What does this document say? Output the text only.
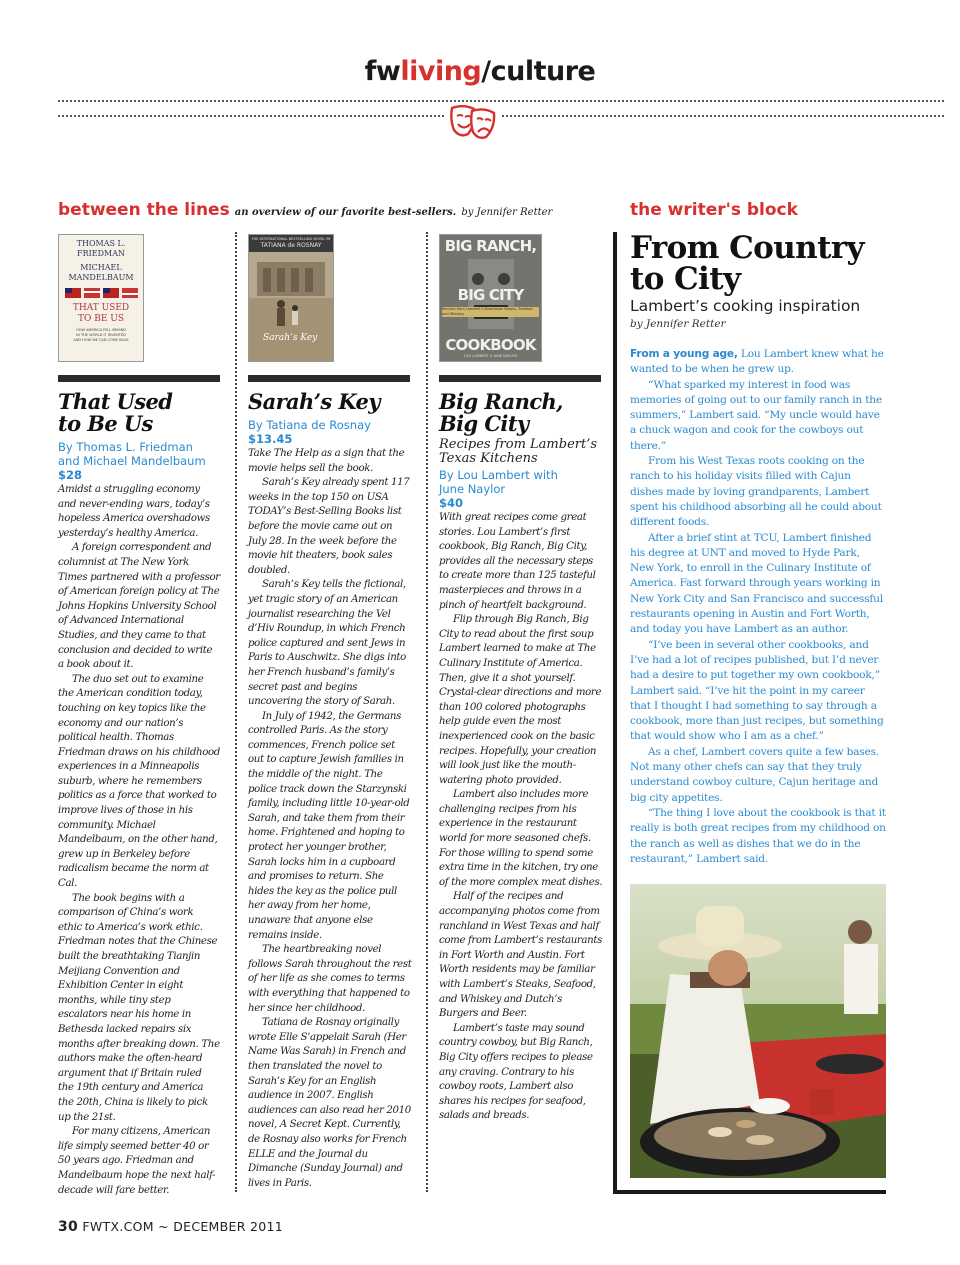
fwliving/culture
between the lines an overview of our favorite best-sellers. by Jennifer Retter
THOMAS L.
FRIEDMAN
MICHAEL
MANDELBAUM
THAT USED
TO BE US
HOW AMERICA FELL BEHIND
IN THE WORLD IT INVENTED
AND HOW WE CAN COME BACK
That Used
to Be Us
By Thomas L. Friedman
and Michael Mandelbaum
$28

Amidst a struggling economy and never-ending wars, today’s hopeless America overshadows yesterday’s healthy America.

A foreign correspondent and columnist at The New York Times partnered with a professor of American foreign policy at The Johns Hopkins University School of Advanced International Studies, and they came to that conclusion and decided to write a book about it.

The duo set out to examine the American condition today, touching on key topics like the economy and our nation’s political health. Thomas Friedman draws on his childhood experiences in a Minneapolis suburb, where he remembers politics as a force that worked to improve lives of those in his community. Michael Mandelbaum, on the other hand, grew up in Berkeley before radicalism became the norm at Cal.

The book begins with a comparison of China’s work ethic to America’s work ethic. Friedman notes that the Chinese built the breathtaking Tianjin Meijiang Convention and Exhibition Center in eight months, while tiny step escalators near his home in Bethesda lacked repairs six months after breaking down. The authors make the often-heard argument that if Britain ruled the 19th century and America the 20th, China is likely to pick up the 21st.

For many citizens, American life simply seemed better 40 or 50 years ago. Friedman and Mandelbaum hope the next half-decade will fare better.

THE INTERNATIONAL BESTSELLING NOVEL BY
TATIANA de ROSNAY
Sarah’s Key
Sarah’s Key
By Tatiana de Rosnay
$13.45

Take The Help as a sign that the movie helps sell the book.

Sarah’s Key already spent 117 weeks in the top 150 on USA TODAY’s Best-Selling Books list before the movie came out on July 28. In the week before the movie hit theaters, book sales doubled.

Sarah’s Key tells the fictional, yet tragic story of an American journalist researching the Vel d’Hiv Roundup, in which French police captured and sent Jews in Paris to Auschwitz. She digs into her French husband’s family’s secret past and begins uncovering the story of Sarah.

In July of 1942, the Germans controlled Paris. As the story commences, French police set out to capture Jewish families in the middle of the night. The police track down the Starzynski family, including little 10-year-old Sarah, and take them from their home. Frightened and hoping to protect her younger brother, Sarah locks him in a cupboard and promises to return. She hides the key as the police pull her away from her home, unaware that anyone else remains inside.

The heartbreaking novel follows Sarah throughout the rest of her life as she comes to terms with everything that happened to her since her childhood.

Tatiana de Rosnay originally wrote Elle S’appelait Sarah (Her Name Was Sarah) in French and then translated the novel to Sarah’s Key for an English audience in 2007. English audiences can also read her 2010 novel, A Secret Kept. Currently, de Rosnay also works for French ELLE and the Journal du Dimanche (Sunday Journal) and lives in Paris.

BIG RANCH,
BIG CITY
Recipes from Lambert’s Downtown Steaks, Seafood and Whiskey
COOKBOOK
LOU LAMBERT & JUNE NAYLOR
Big Ranch,
Big City
Recipes from Lambert’s
Texas Kitchens
By Lou Lambert with
June Naylor
$40

With great recipes come great stories. Lou Lambert’s first cookbook, Big Ranch, Big City, provides all the necessary steps to create more than 125 tasteful masterpieces and throws in a pinch of heartfelt background.

Flip through Big Ranch, Big City to read about the first soup Lambert learned to make at The Culinary Institute of America. Then, give it a shot yourself. Crystal-clear directions and more than 100 colored photographs help guide even the most inexperienced cook on the basic recipes. Hopefully, your creation will look just like the mouth-watering photo provided.

Lambert also includes more challenging recipes from his experience in the restaurant world for more seasoned chefs. For those willing to spend some extra time in the kitchen, try one of the more complex meat dishes.

Half of the recipes and accompanying photos come from ranchland in West Texas and half come from Lambert’s restaurants in Fort Worth and Austin. Fort Worth residents may be familiar with Lambert’s Steaks, Seafood, and Whiskey and Dutch’s Burgers and Beer.

Lambert’s taste may sound country cowboy, but Big Ranch, Big City offers recipes to please any craving. Contrary to his cowboy roots, Lambert also shares his recipes for seafood, salads and breads.

the writer's block
From Country
to City
Lambert’s cooking inspiration
by Jennifer Retter

From a young age, Lou Lambert knew what he wanted to be when he grew up.

“What sparked my interest in food was memories of going out to our family ranch in the summers,” Lambert said. “My uncle would have a chuck wagon and cook for the cowboys out there.”

From his West Texas roots cooking on the ranch to his holiday visits filled with Cajun dishes made by loving grandparents, Lambert spent his childhood absorbing all he could about different foods.

After a brief stint at TCU, Lambert finished his degree at UNT and moved to Hyde Park, New York, to enroll in the Culinary Institute of America. Fast forward through years working in New York City and San Francisco and successful restaurants opening in Austin and Fort Worth, and today you have Lambert as an author.

“I’ve been in several other cookbooks, and I’ve had a lot of recipes published, but I’d never had a desire to put together my own cookbook,” Lambert said. “I’ve hit the point in my career that I thought I had something to say through a cookbook, more than just recipes, but something that would show who I am as a chef.”

As a chef, Lambert covers quite a few bases. Not many other chefs can say that they truly understand cowboy culture, Cajun heritage and big city appetites.

“The thing I love about the cookbook is that it really is both great recipes from my childhood on the ranch as well as dishes that we do in the restaurant,” Lambert said.

30 FWTX.COM ~ DECEMBER 2011
